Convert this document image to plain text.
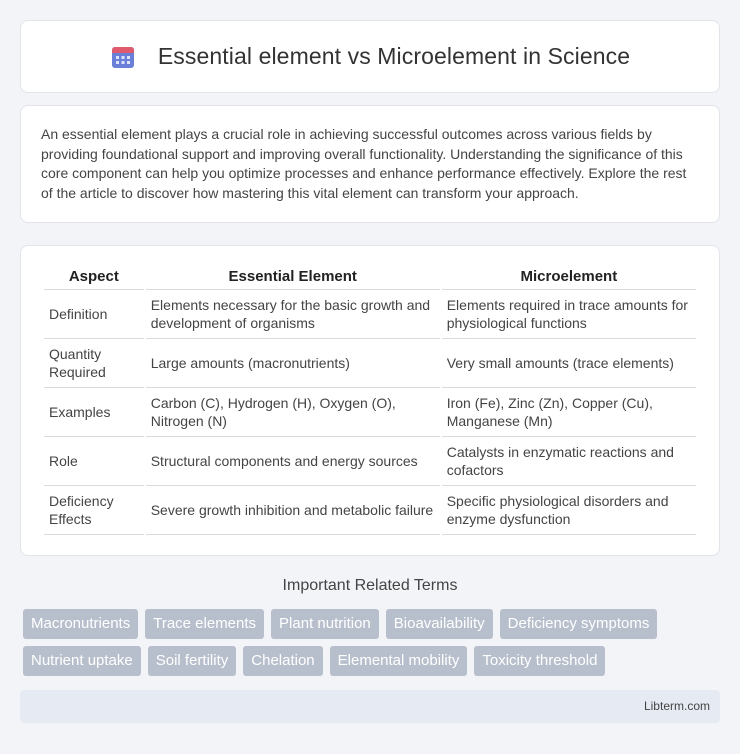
Essential element vs Microelement in Science

An essential element plays a crucial role in achieving successful outcomes across various fields by providing foundational support and improving overall functionality. Understanding the significance of this core component can help you optimize processes and enhance performance effectively. Explore the rest of the article to discover how mastering this vital element can transform your approach.

Aspect	Essential Element	Microelement
Definition	Elements necessary for the basic growth and development of organisms	Elements required in trace amounts for physiological functions
Quantity Required	Large amounts (macronutrients)	Very small amounts (trace elements)
Examples	Carbon (C), Hydrogen (H), Oxygen (O), Nitrogen (N)	Iron (Fe), Zinc (Zn), Copper (Cu), Manganese (Mn)
Role	Structural components and energy sources	Catalysts in enzymatic reactions and cofactors
Deficiency Effects	Severe growth inhibition and metabolic failure	Specific physiological disorders and enzyme dysfunction
Important Related Terms
Macronutrients	Trace elements	Plant nutrition	Bioavailability	Deficiency symptoms
Nutrient uptake	Soil fertility	Chelation	Elemental mobility	Toxicity threshold
Libterm.com
